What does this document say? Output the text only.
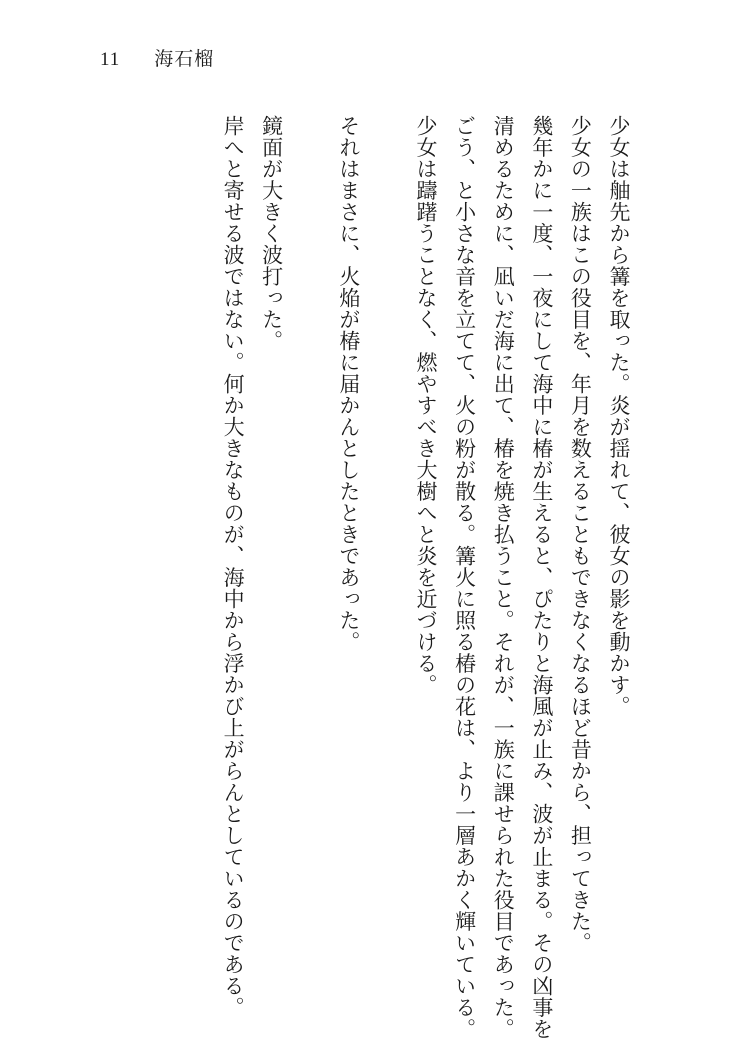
11 海石榴

少女は舳先から篝を取った。炎が揺れて、彼女の影を動かす。

少女の一族はこの役目を、年月を数えることもできなくなるほど昔から、担ってきた。

幾年かに一度、一夜にして海中に椿が生えると、ぴたりと海風が止み、波が止まる。その凶事を

清めるために、凪いだ海に出て、椿を焼き払うこと。それが、一族に課せられた役目であった。

ごう、と小さな音を立てて、火の粉が散る。篝火に照る椿の花は、より一層あかく輝いている。

少女は躊躇うことなく、燃やすべき大樹へと炎を近づける。

それはまさに、火焔が椿に届かんとしたときであった。

鏡面が大きく波打った。

岸へと寄せる波ではない。何か大きなものが、海中から浮かび上がらんとしているのである。
